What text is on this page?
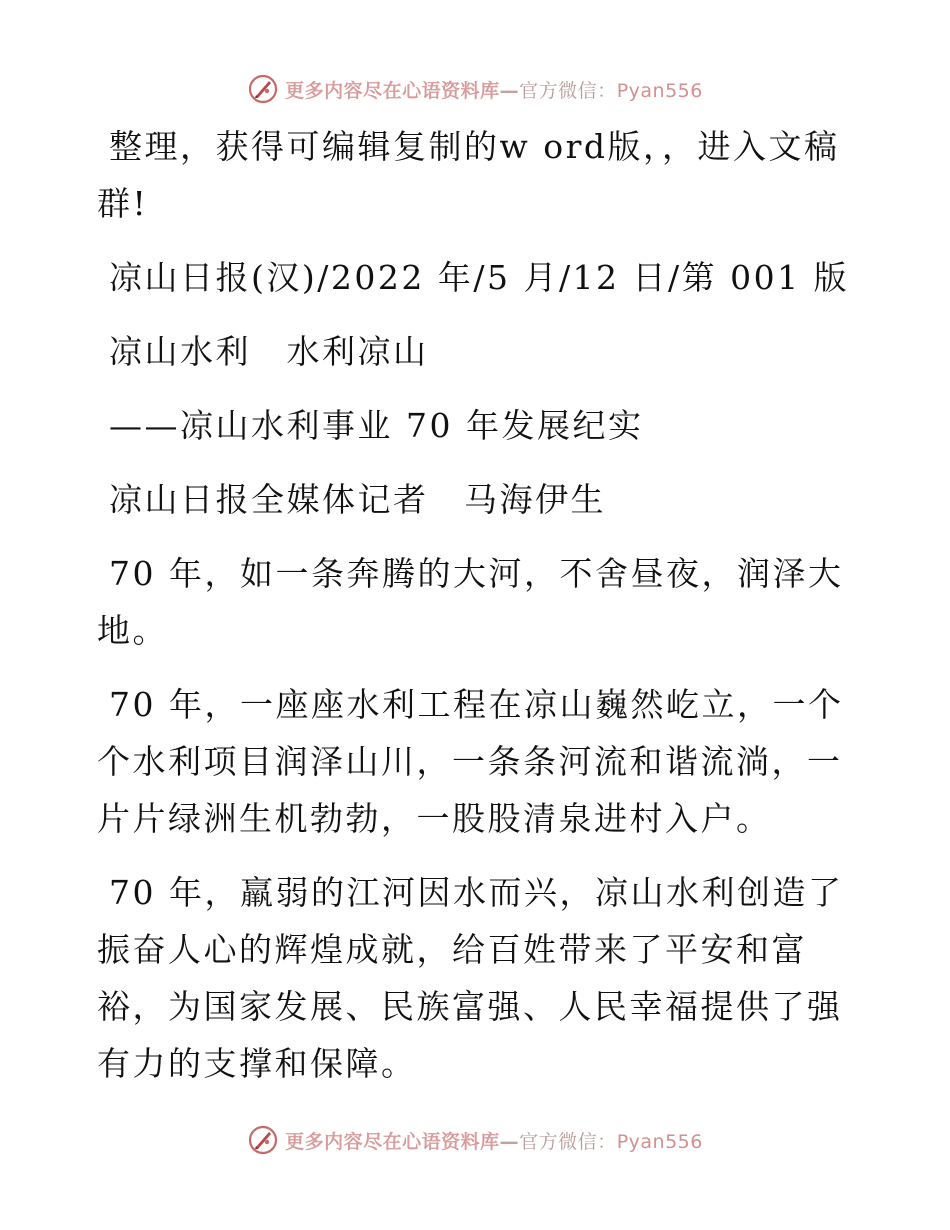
更多内容尽在心语资料库—官方微信：Pyan556

整理，获得可编辑复制的w ord版，，进入文稿群!

凉山日报(汉)/2022 年/5 月/12 日/第 001 版

凉山水利　水利凉山

——凉山水利事业 70 年发展纪实

凉山日报全媒体记者　马海伊生

70 年，如一条奔腾的大河，不舍昼夜，润泽大地。

70 年，一座座水利工程在凉山巍然屹立，一个个水利项目润泽山川，一条条河流和谐流淌，一片片绿洲生机勃勃，一股股清泉进村入户。

70 年，羸弱的江河因水而兴，凉山水利创造了振奋人心的辉煌成就，给百姓带来了平安和富裕，为国家发展、民族富强、人民幸福提供了强有力的支撑和保障。

更多内容尽在心语资料库—官方微信：Pyan556
